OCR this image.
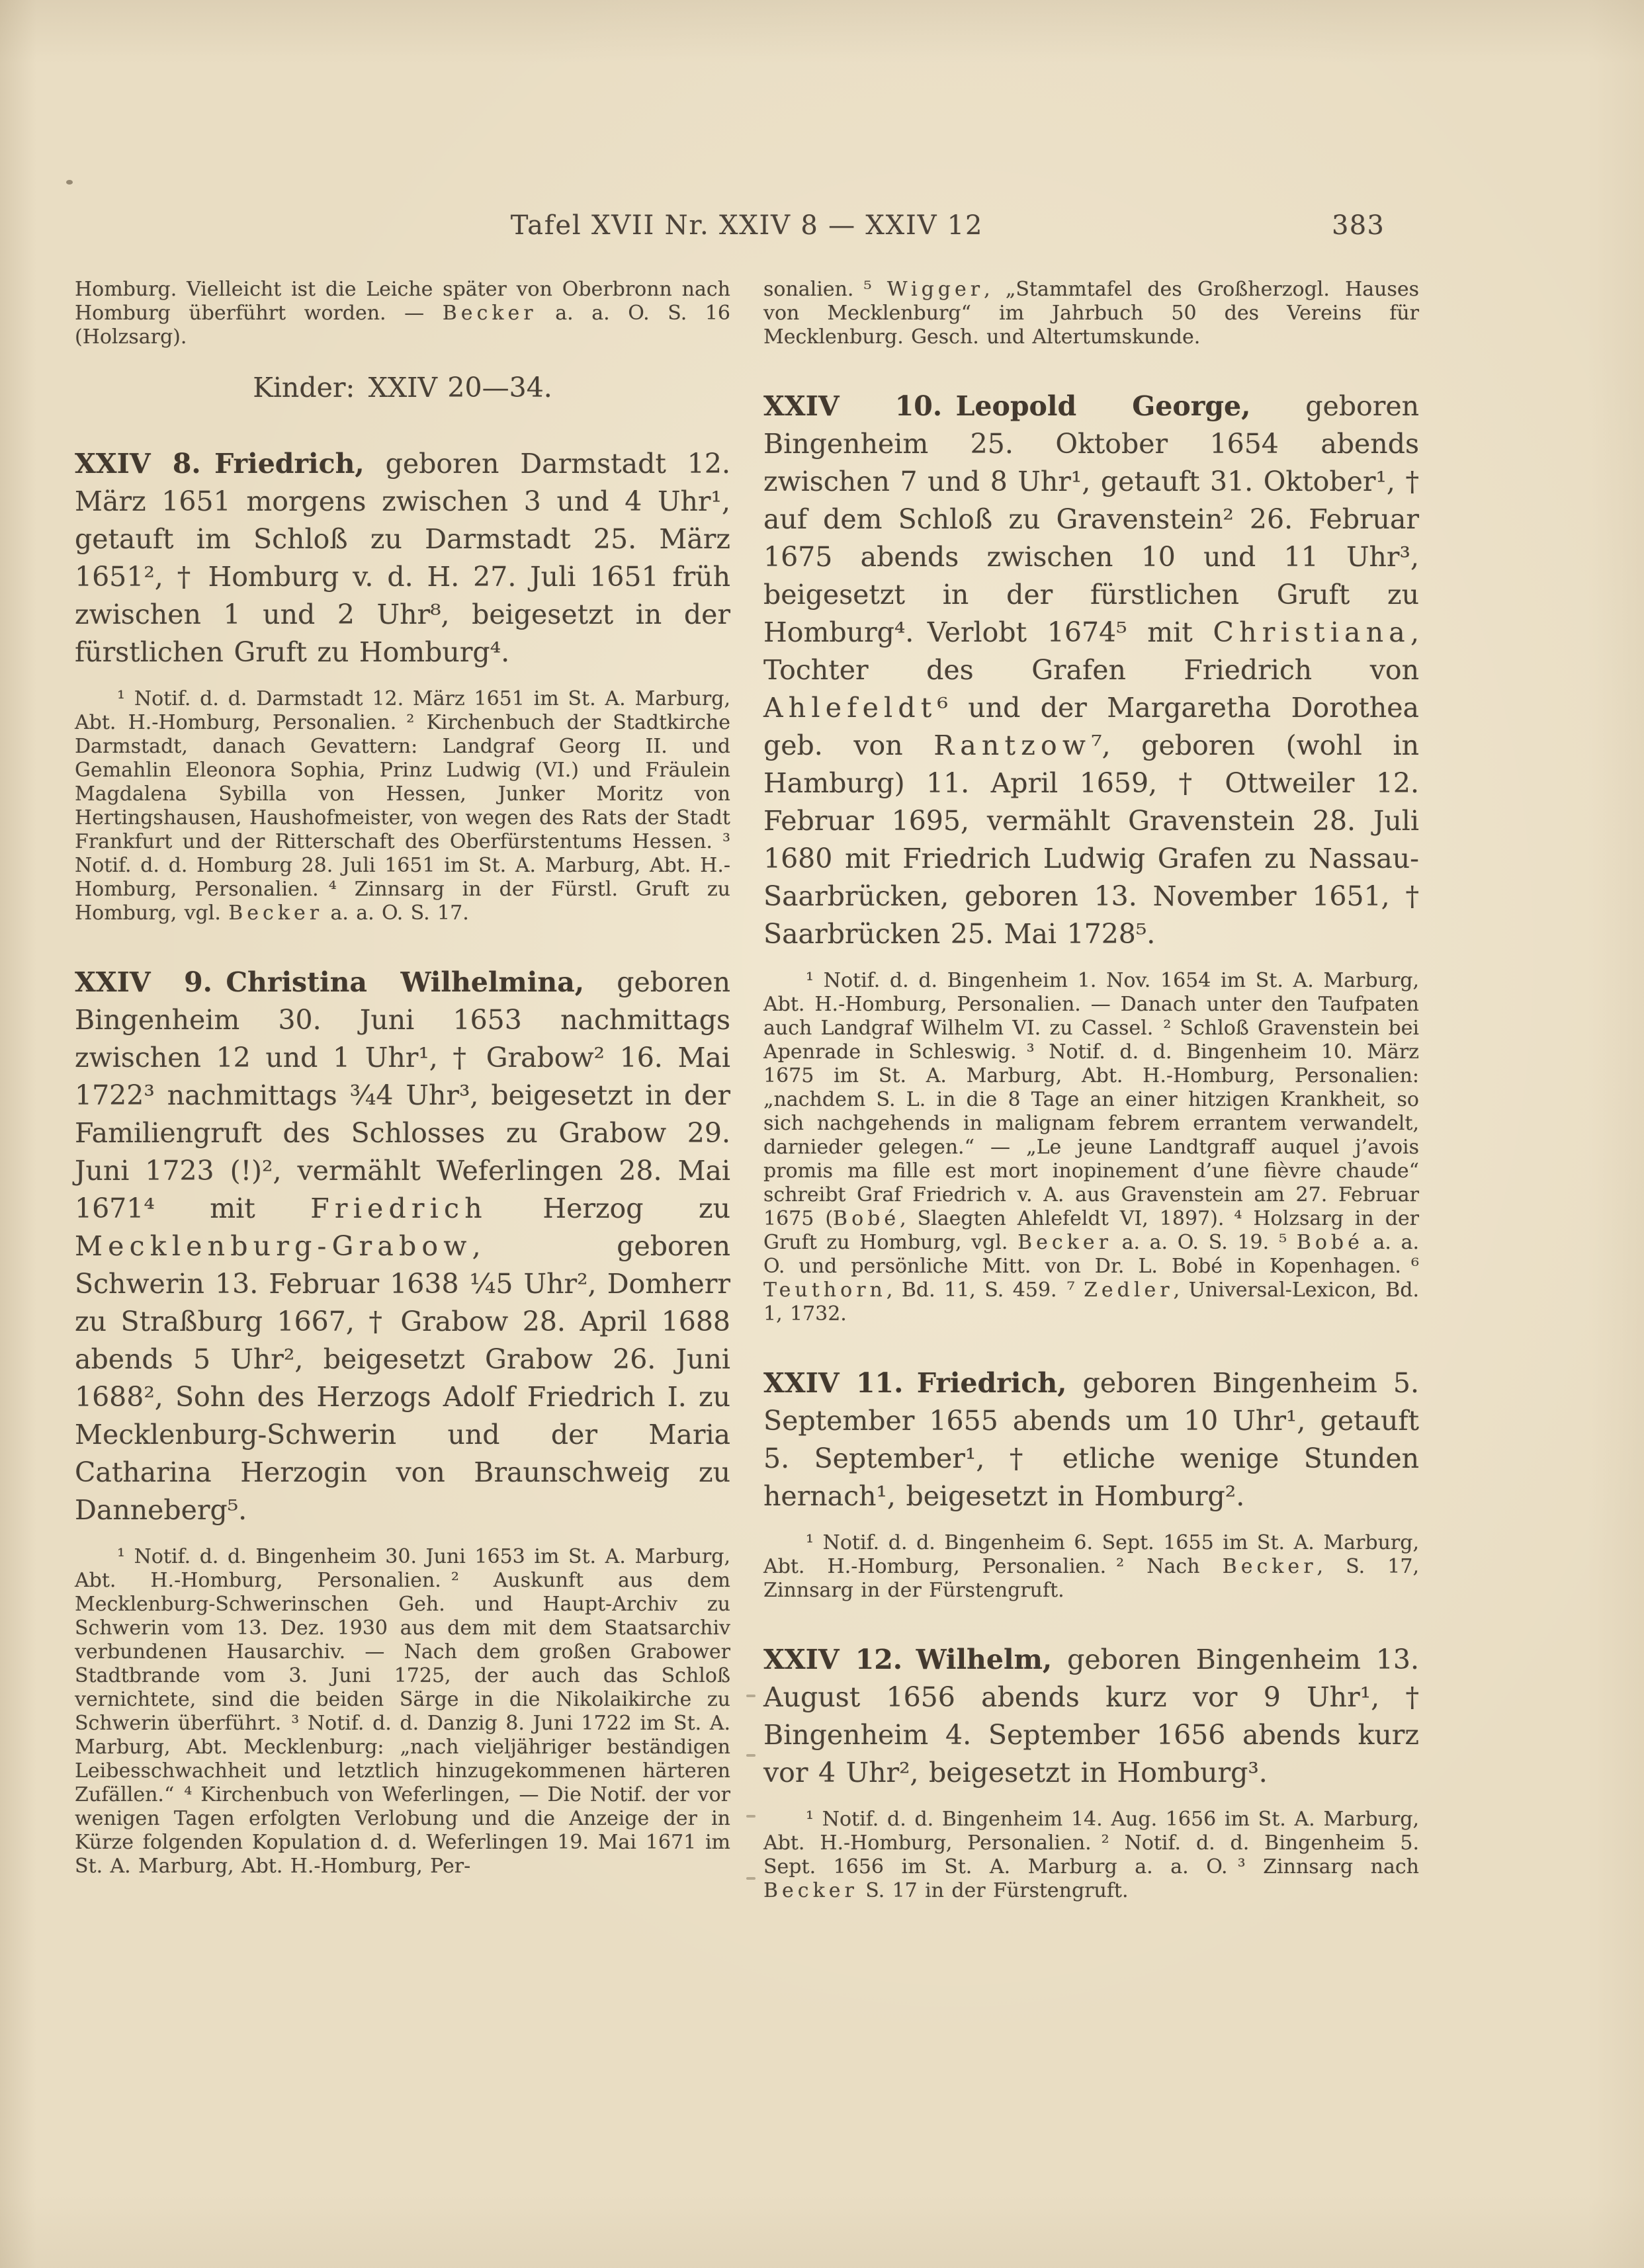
Tafel XVII Nr. XXIV 8 — XXIV 12	383

Homburg. Vielleicht ist die Leiche später von Oberbronn nach Homburg überführt worden. — Becker a. a. O. S. 16 (Holzsarg).

Kinder: XXIV 20—34.

XXIV 8. Friedrich, geboren Darmstadt 12. März 1651 morgens zwischen 3 und 4 Uhr¹, getauft im Schloß zu Darmstadt 25. März 1651², † Homburg v. d. H. 27. Juli 1651 früh zwischen 1 und 2 Uhr⁸, beigesetzt in der fürstlichen Gruft zu Homburg⁴.

¹ Notif. d. d. Darmstadt 12. März 1651 im St. A. Marburg, Abt. H.-Homburg, Personalien. ² Kirchenbuch der Stadtkirche Darmstadt, danach Gevattern: Landgraf Georg II. und Gemahlin Eleonora Sophia, Prinz Ludwig (VI.) und Fräulein Magdalena Sybilla von Hessen, Junker Moritz von Hertingshausen, Haushofmeister, von wegen des Rats der Stadt Frankfurt und der Ritterschaft des Oberfürstentums Hessen. ³ Notif. d. d. Homburg 28. Juli 1651 im St. A. Marburg, Abt. H.-Homburg, Personalien. ⁴ Zinnsarg in der Fürstl. Gruft zu Homburg, vgl. Becker a. a. O. S. 17.

XXIV 9. Christina Wilhelmina, geboren Bingenheim 30. Juni 1653 nachmittags zwischen 12 und 1 Uhr¹, † Grabow² 16. Mai 1722³ nachmittags ¾4 Uhr³, beigesetzt in der Familiengruft des Schlosses zu Grabow 29. Juni 1723 (!)², vermählt Weferlingen 28. Mai 1671⁴ mit Friedrich Herzog zu Mecklenburg-Grabow, geboren Schwerin 13. Februar 1638 ¼5 Uhr², Domherr zu Straßburg 1667, † Grabow 28. April 1688 abends 5 Uhr², beigesetzt Grabow 26. Juni 1688², Sohn des Herzogs Adolf Friedrich I. zu Mecklenburg-Schwerin und der Maria Catharina Herzogin von Braunschweig zu Danneberg⁵.

¹ Notif. d. d. Bingenheim 30. Juni 1653 im St. A. Marburg, Abt. H.-Homburg, Personalien. ² Auskunft aus dem Mecklenburg-Schwerinschen Geh. und Haupt-Archiv zu Schwerin vom 13. Dez. 1930 aus dem mit dem Staatsarchiv verbundenen Hausarchiv. — Nach dem großen Grabower Stadtbrande vom 3. Juni 1725, der auch das Schloß vernichtete, sind die beiden Särge in die Nikolaikirche zu Schwerin überführt. ³ Notif. d. d. Danzig 8. Juni 1722 im St. A. Marburg, Abt. Mecklenburg: „nach vieljähriger beständigen Leibesschwachheit und letztlich hinzugekommenen härteren Zufällen.“ ⁴ Kirchenbuch von Weferlingen, — Die Notif. der vor wenigen Tagen erfolgten Verlobung und die Anzeige der in Kürze folgenden Kopulation d. d. Weferlingen 19. Mai 1671 im St. A. Marburg, Abt. H.-Homburg, Per-

sonalien. ⁵ Wigger, „Stammtafel des Großherzogl. Hauses von Mecklenburg“ im Jahrbuch 50 des Vereins für Mecklenburg. Gesch. und Altertumskunde.

XXIV 10. Leopold George, geboren Bingenheim 25. Oktober 1654 abends zwischen 7 und 8 Uhr¹, getauft 31. Oktober¹, † auf dem Schloß zu Gravenstein² 26. Februar 1675 abends zwischen 10 und 11 Uhr³, beigesetzt in der fürstlichen Gruft zu Homburg⁴. Verlobt 1674⁵ mit Christiana, Tochter des Grafen Friedrich von Ahlefeldt⁶ und der Margaretha Dorothea geb. von Rantzow⁷, geboren (wohl in Hamburg) 11. April 1659, † Ottweiler 12. Februar 1695, vermählt Gravenstein 28. Juli 1680 mit Friedrich Ludwig Grafen zu Nassau-Saarbrücken, geboren 13. November 1651, † Saarbrücken 25. Mai 1728⁵.

¹ Notif. d. d. Bingenheim 1. Nov. 1654 im St. A. Marburg, Abt. H.-Homburg, Personalien. — Danach unter den Taufpaten auch Landgraf Wilhelm VI. zu Cassel. ² Schloß Gravenstein bei Apenrade in Schleswig. ³ Notif. d. d. Bingenheim 10. März 1675 im St. A. Marburg, Abt. H.-Homburg, Personalien: „nachdem S. L. in die 8 Tage an einer hitzigen Krankheit, so sich nachgehends in malignam febrem errantem verwandelt, darnieder gelegen.“ — „Le jeune Landtgraff auquel j’avois promis ma fille est mort inopinement d’une fièvre chaude“ schreibt Graf Friedrich v. A. aus Gravenstein am 27. Februar 1675 (Bobé, Slaegten Ahlefeldt VI, 1897). ⁴ Holzsarg in der Gruft zu Homburg, vgl. Becker a. a. O. S. 19. ⁵ Bobé a. a. O. und persönliche Mitt. von Dr. L. Bobé in Kopenhagen. ⁶ Teuthorn, Bd. 11, S. 459. ⁷ Zedler, Universal-Lexicon, Bd. 1, 1732.

XXIV 11. Friedrich, geboren Bingenheim 5. September 1655 abends um 10 Uhr¹, getauft 5. September¹, † etliche wenige Stunden hernach¹, beigesetzt in Homburg².

¹ Notif. d. d. Bingenheim 6. Sept. 1655 im St. A. Marburg, Abt. H.-Homburg, Personalien. ² Nach Becker, S. 17, Zinnsarg in der Fürstengruft.

XXIV 12. Wilhelm, geboren Bingenheim 13. August 1656 abends kurz vor 9 Uhr¹, † Bingenheim 4. September 1656 abends kurz vor 4 Uhr², beigesetzt in Homburg³.

¹ Notif. d. d. Bingenheim 14. Aug. 1656 im St. A. Marburg, Abt. H.-Homburg, Personalien. ² Notif. d. d. Bingenheim 5. Sept. 1656 im St. A. Marburg a. a. O. ³ Zinnsarg nach Becker S. 17 in der Fürstengruft.
